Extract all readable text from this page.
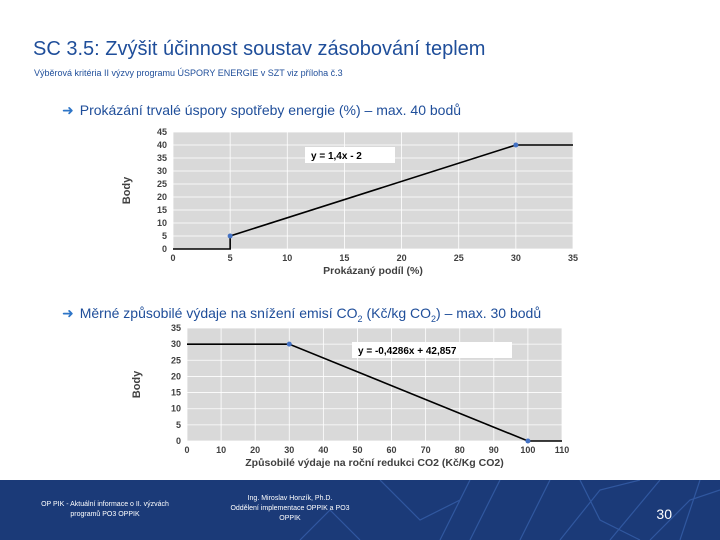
SC 3.5: Zvýšit účinnost soustav zásobování teplem
Výběrová kritéria II výzvy programu ÚSPORY ENERGIE v SZT viz příloha č.3
➜ Prokázání trvalé úspory spotřeby energie (%) – max. 40 bodů
0
5
10
15
20
25
30
35
40
45
0	5	10	15	20	25	30	35
Body
Prokázaný podíl (%)
y = 1,4x - 2
➜ Měrné způsobilé výdaje na snížení emisí $CO_2$ (Kč/kg $CO_2$) – max. 30 bodů
0
5
10
15
20
25
30
35
0	10	20	30	40	50	60	70	80	90 100 110
Body
Způsobilé výdaje na roční redukci CO2 (Kč/Kg CO2)
y = -0,4286x + 42,857
OP PIK - Aktuální informace o II. výzvách
programů PO3 OPPIK
Ing. Miroslav Honzík, Ph.D.
Oddělení implementace OPPIK a PO3
OPPIK	30
